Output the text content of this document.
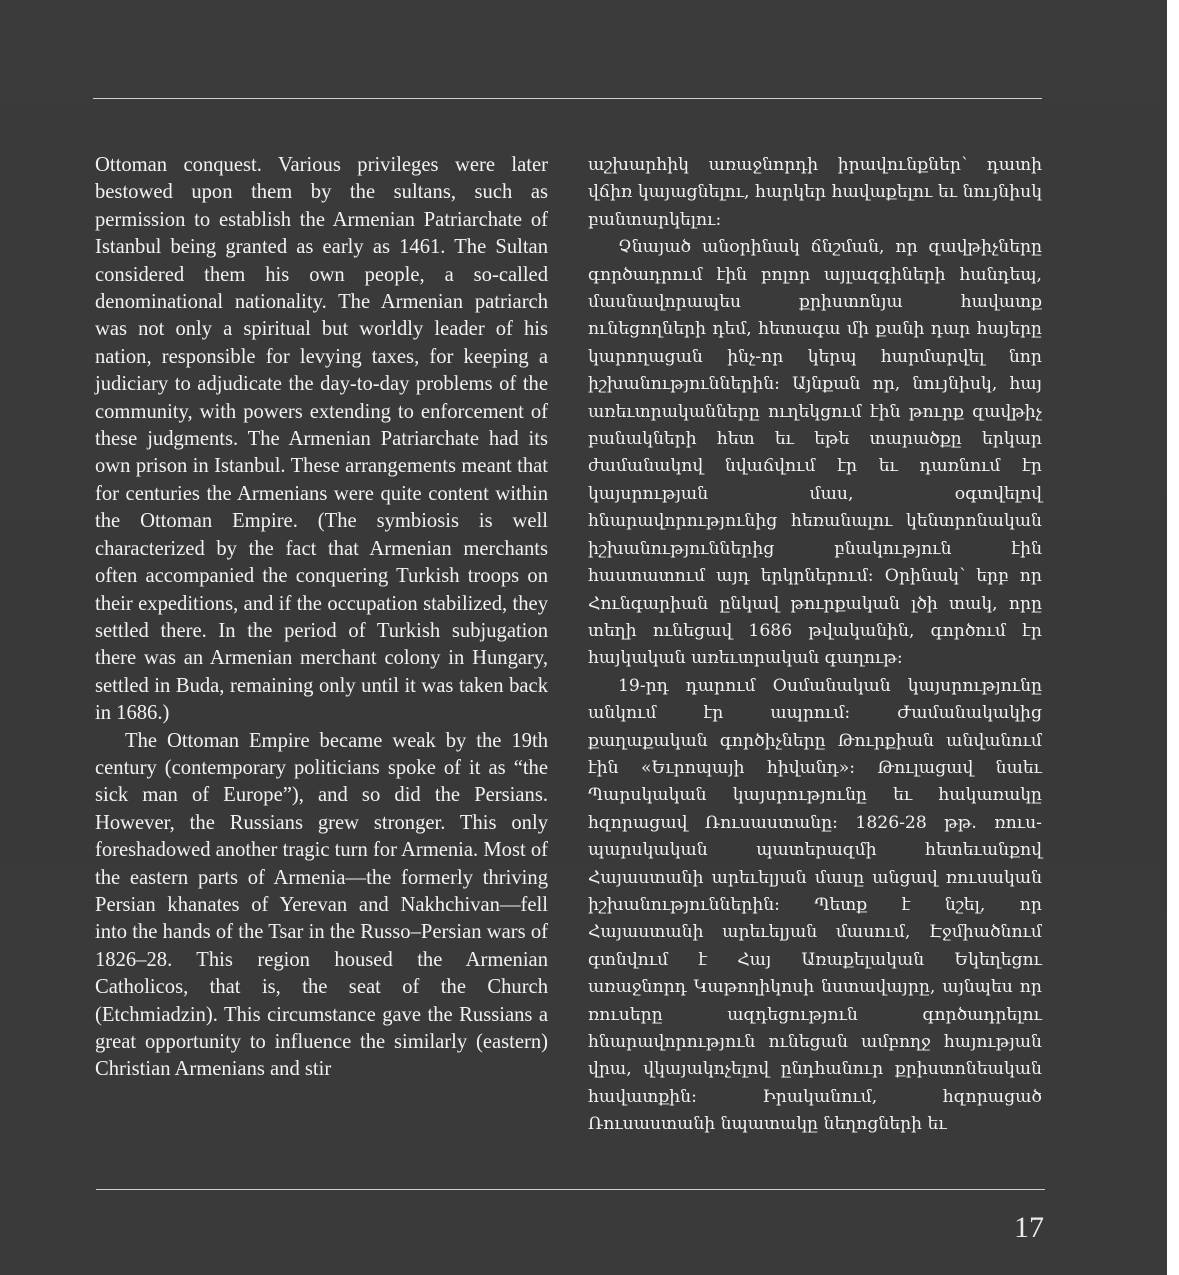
Ottoman conquest. Various privileges were later bestowed upon them by the sultans, such as permission to establish the Armenian Patriarchate of Istanbul being granted as early as 1461. The Sultan considered them his own people, a so-called denominational nationality. The Armenian patriarch was not only a spiritual but worldly leader of his nation, responsible for levying taxes, for keeping a judiciary to adjudicate the day-to-day problems of the community, with powers extending to enforcement of these judgments. The Armenian Patriarchate had its own prison in Istanbul. These arrangements meant that for centuries the Armenians were quite content within the Ottoman Empire. (The symbiosis is well characterized by the fact that Armenian merchants often accompanied the conquering Turkish troops on their expeditions, and if the occupation stabilized, they settled there. In the period of Turkish subjugation there was an Armenian merchant colony in Hungary, settled in Buda, remaining only until it was taken back in 1686.)

The Ottoman Empire became weak by the 19th century (contemporary politicians spoke of it as “the sick man of Europe”), and so did the Persians. However, the Russians grew stronger. This only foreshadowed another tragic turn for Armenia. Most of the eastern parts of Armenia—the formerly thriving Persian khanates of Yerevan and Nakhchivan—fell into the hands of the Tsar in the Russo–Persian wars of 1826–28. This region housed the Armenian Catholicos, that is, the seat of the Church (Etchmiadzin). This circumstance gave the Russians a great opportunity to influence the similarly (eastern) Christian Armenians and stir

աշխարհիկ առաջնորդի իրավունքներ՝ դատի վճիռ կայացնելու, հարկեր հավաքելու եւ նույնիսկ բանտարկելու:

Չնայած անօրինակ ճնշման, որ զավթիչները գործադրում էին բոլոր այլազգիների հանդեպ, մասնավորապես քրիստոնյա հավատք ունեցողների դեմ, հետագա մի քանի դար հայերը կարողացան ինչ-որ կերպ հարմարվել նոր իշխանություններին: Այնքան որ, նույնիսկ, հայ առեւտրականները ուղեկցում էին թուրք զավթիչ բանակների հետ եւ եթե տարածքը երկար ժամանակով նվաճվում էր եւ դառնում էր կայսրության մաս, օգտվելով հնարավորությունից հեռանալու կենտրոնական իշխանություններից բնակություն էին հաստատում այդ երկրներում: Օրինակ՝ երբ որ Հունգարիան ընկավ թուրքական լծի տակ, որը տեղի ունեցավ 1686 թվականին, գործում էր հայկական առեւտրական գաղութ:

19-րդ դարում Օսմանական կայսրությունը անկում էր ապրում: Ժամանակակից քաղաքական գործիչները Թուրքիան անվանում էին «Եւրոպայի հիվանդ»: Թուլացավ նաեւ Պարսկական կայսրությունը եւ հակառակը հզորացավ Ռուսաստանը: 1826-28 թթ. ռուս-պարսկական պատերազմի հետեւանքով Հայաստանի արեւելյան մասը անցավ ռուսական իշխանություններին: Պետք է նշել, որ Հայաստանի արեւելյան մասում, Էջմիածնում գտնվում է Հայ Առաքելական Եկեղեցու առաջնորդ Կաթողիկոսի նստավայրը, այնպես որ ռուսերը ազդեցություն գործադրելու հնարավորություն ունեցան ամբողջ հայության վրա, վկայակոչելով ընդհանուր քրիստոնեական հավատքին: Իրականում, հզորացած Ռուսաստանի նպատակը նեղոցների եւ

17
